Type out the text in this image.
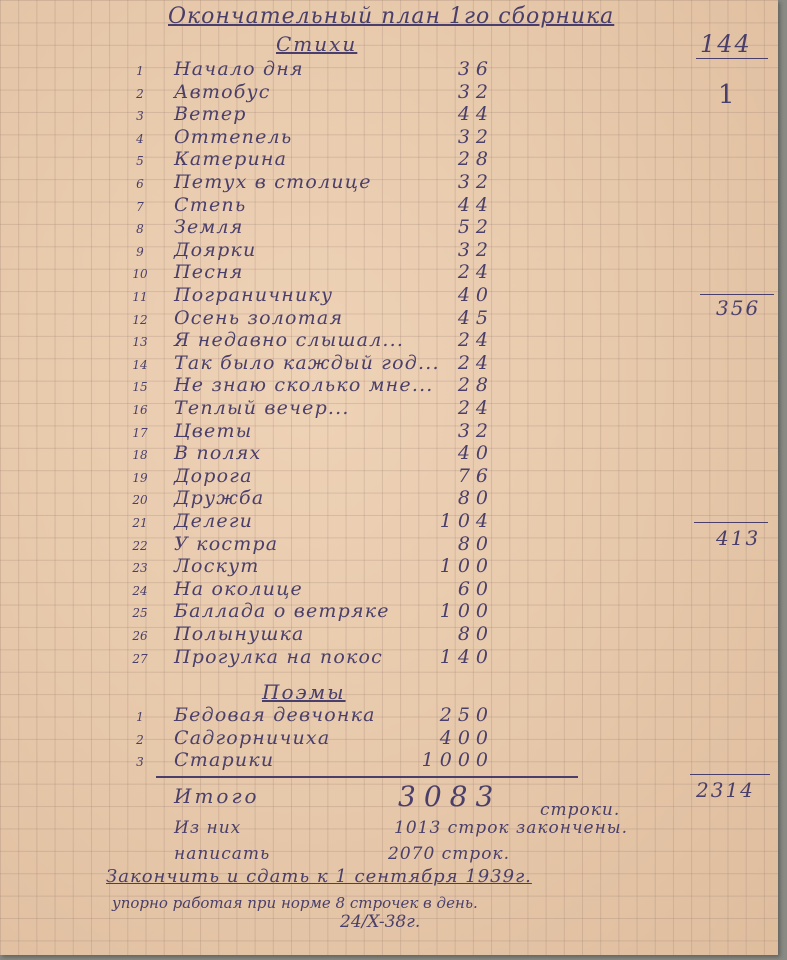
Окончательный план 1го сборника
Стихи
1	Начало дня	36
2	Автобус	32
3	Ветер	44
4	Оттепель	32
5	Катерина	28
6	Петух в столице	32
7	Степь	44
8	Земля	52
9	Доярки	32
10 Песня	24
11 Пограничнику	40
12 Осень золотая	45
13 Я недавно слышал...	24
14 Так было каждый год... 24
15 Не знаю сколько мне... 28
16 Теплый вечер...	24
17 Цветы	32
18 В полях	40
19 Дорога	76
20 Дружба	80
21 Делеги	104
22 У костра	80
23 Лоскут	100
24 На околице	60
25 Баллада о ветряке	100
26 Полынушка	80
27 Прогулка на покос	140
Поэмы
1	Бедовая девчонка	250
2	Садгорничиха	400
3	Старики	1000
144
1
356
413
2314
Итого	3083 строки.
Из них	1013 строк закончены.
написать	2070 строк.
Закончить и сдать к 1 сентября 1939г.
упорно работая при норме 8 строчек в день.
24/X-38г.
